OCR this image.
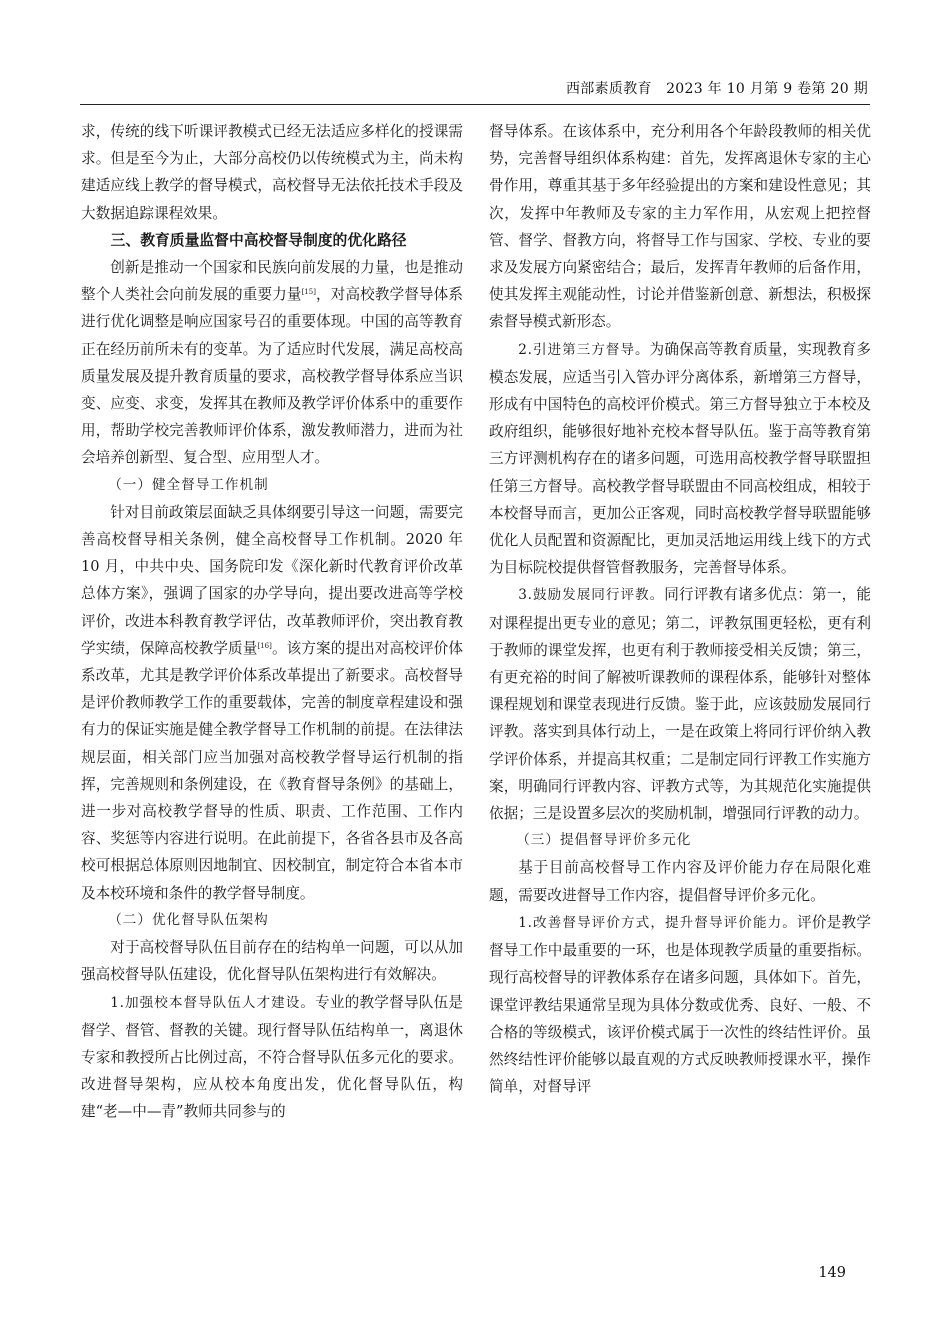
西部素质教育 2023 年 10 月第 9 卷第 20 期

求，传统的线下听课评教模式已经无法适应多样化的授课需求。但是至今为止，大部分高校仍以传统模式为主，尚未构建适应线上教学的督导模式，高校督导无法依托技术手段及大数据追踪课程效果。

三、教育质量监督中高校督导制度的优化路径

创新是推动一个国家和民族向前发展的力量，也是推动整个人类社会向前发展的重要力量[15]，对高校教学督导体系进行优化调整是响应国家号召的重要体现。中国的高等教育正在经历前所未有的变革。为了适应时代发展，满足高校高质量发展及提升教育质量的要求，高校教学督导体系应当识变、应变、求变，发挥其在教师及教学评价体系中的重要作用，帮助学校完善教师评价体系，激发教师潜力，进而为社会培养创新型、复合型、应用型人才。

（一）健全督导工作机制

针对目前政策层面缺乏具体纲要引导这一问题，需要完善高校督导相关条例，健全高校督导工作机制。2020 年 10 月，中共中央、国务院印发《深化新时代教育评价改革总体方案》，强调了国家的办学导向，提出要改进高等学校评价，改进本科教育教学评估，改革教师评价，突出教育教学实绩，保障高校教学质量[16]。该方案的提出对高校评价体系改革，尤其是教学评价体系改革提出了新要求。高校督导是评价教师教学工作的重要载体，完善的制度章程建设和强有力的保证实施是健全教学督导工作机制的前提。在法律法规层面，相关部门应当加强对高校教学督导运行机制的指挥，完善规则和条例建设，在《教育督导条例》的基础上，进一步对高校教学督导的性质、职责、工作范围、工作内容、奖惩等内容进行说明。在此前提下，各省各县市及各高校可根据总体原则因地制宜、因校制宜，制定符合本省本市及本校环境和条件的教学督导制度。

（二）优化督导队伍架构

对于高校督导队伍目前存在的结构单一问题，可以从加强高校督导队伍建设，优化督导队伍架构进行有效解决。

1.加强校本督导队伍人才建设。专业的教学督导队伍是督学、督管、督教的关键。现行督导队伍结构单一，离退休专家和教授所占比例过高，不符合督导队伍多元化的要求。改进督导架构，应从校本角度出发，优化督导队伍，构建“老—中—青”教师共同参与的

督导体系。在该体系中，充分利用各个年龄段教师的相关优势，完善督导组织体系构建：首先，发挥离退休专家的主心骨作用，尊重其基于多年经验提出的方案和建设性意见；其次，发挥中年教师及专家的主力军作用，从宏观上把控督管、督学、督教方向，将督导工作与国家、学校、专业的要求及发展方向紧密结合；最后，发挥青年教师的后备作用，使其发挥主观能动性，讨论并借鉴新创意、新想法，积极探索督导模式新形态。

2.引进第三方督导。为确保高等教育质量，实现教育多模态发展，应适当引入管办评分离体系，新增第三方督导，形成有中国特色的高校评价模式。第三方督导独立于本校及政府组织，能够很好地补充校本督导队伍。鉴于高等教育第三方评测机构存在的诸多问题，可选用高校教学督导联盟担任第三方督导。高校教学督导联盟由不同高校组成，相较于本校督导而言，更加公正客观，同时高校教学督导联盟能够优化人员配置和资源配比，更加灵活地运用线上线下的方式为目标院校提供督管督教服务，完善督导体系。

3.鼓励发展同行评教。同行评教有诸多优点：第一，能对课程提出更专业的意见；第二，评教氛围更轻松，更有利于教师的课堂发挥，也更有利于教师接受相关反馈；第三，有更充裕的时间了解被听课教师的课程体系，能够针对整体课程规划和课堂表现进行反馈。鉴于此，应该鼓励发展同行评教。落实到具体行动上，一是在政策上将同行评价纳入教学评价体系，并提高其权重；二是制定同行评教工作实施方案，明确同行评教内容、评教方式等，为其规范化实施提供依据；三是设置多层次的奖励机制，增强同行评教的动力。

（三）提倡督导评价多元化

基于目前高校督导工作内容及评价能力存在局限化难题，需要改进督导工作内容，提倡督导评价多元化。

1.改善督导评价方式，提升督导评价能力。评价是教学督导工作中最重要的一环，也是体现教学质量的重要指标。现行高校督导的评教体系存在诸多问题，具体如下。首先，课堂评教结果通常呈现为具体分数或优秀、良好、一般、不合格的等级模式，该评价模式属于一次性的终结性评价。虽然终结性评价能够以最直观的方式反映教师授课水平，操作简单，对督导评

149
